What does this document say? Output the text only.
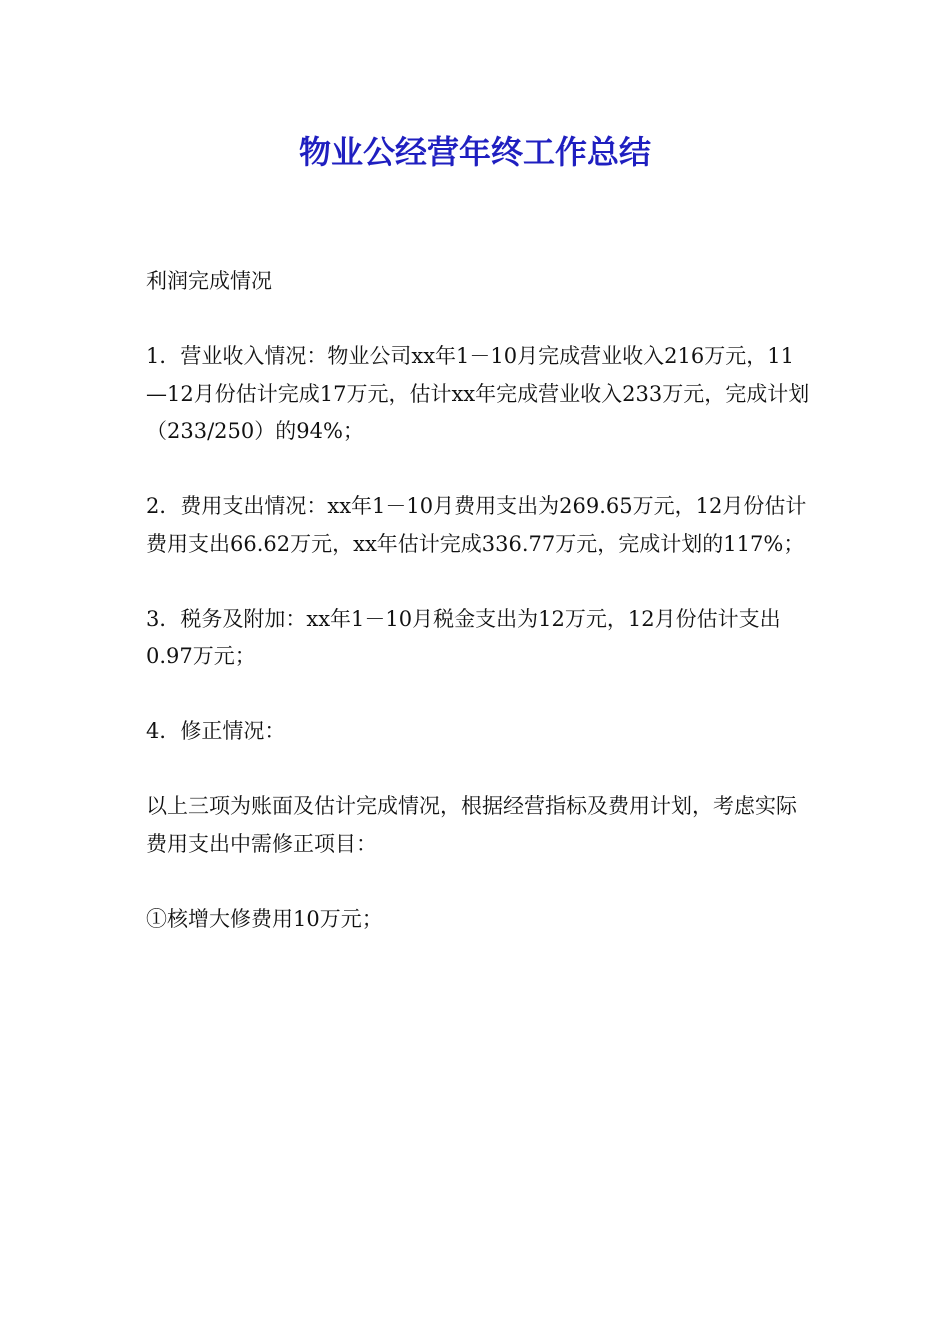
物业公经营年终工作总结

利润完成情况

1．营业收入情况：物业公司xx年1－10月完成营业收入216万元，11—12月份估计完成17万元，估计xx年完成营业收入233万元，完成计划（233/250）的94%；

2．费用支出情况：xx年1－10月费用支出为269.65万元，12月份估计费用支出66.62万元，xx年估计完成336.77万元，完成计划的117%；

3．税务及附加：xx年1－10月税金支出为12万元，12月份估计支出0.97万元；

4．修正情况：

以上三项为账面及估计完成情况，根据经营指标及费用计划，考虑实际费用支出中需修正项目：

①核增大修费用10万元；
